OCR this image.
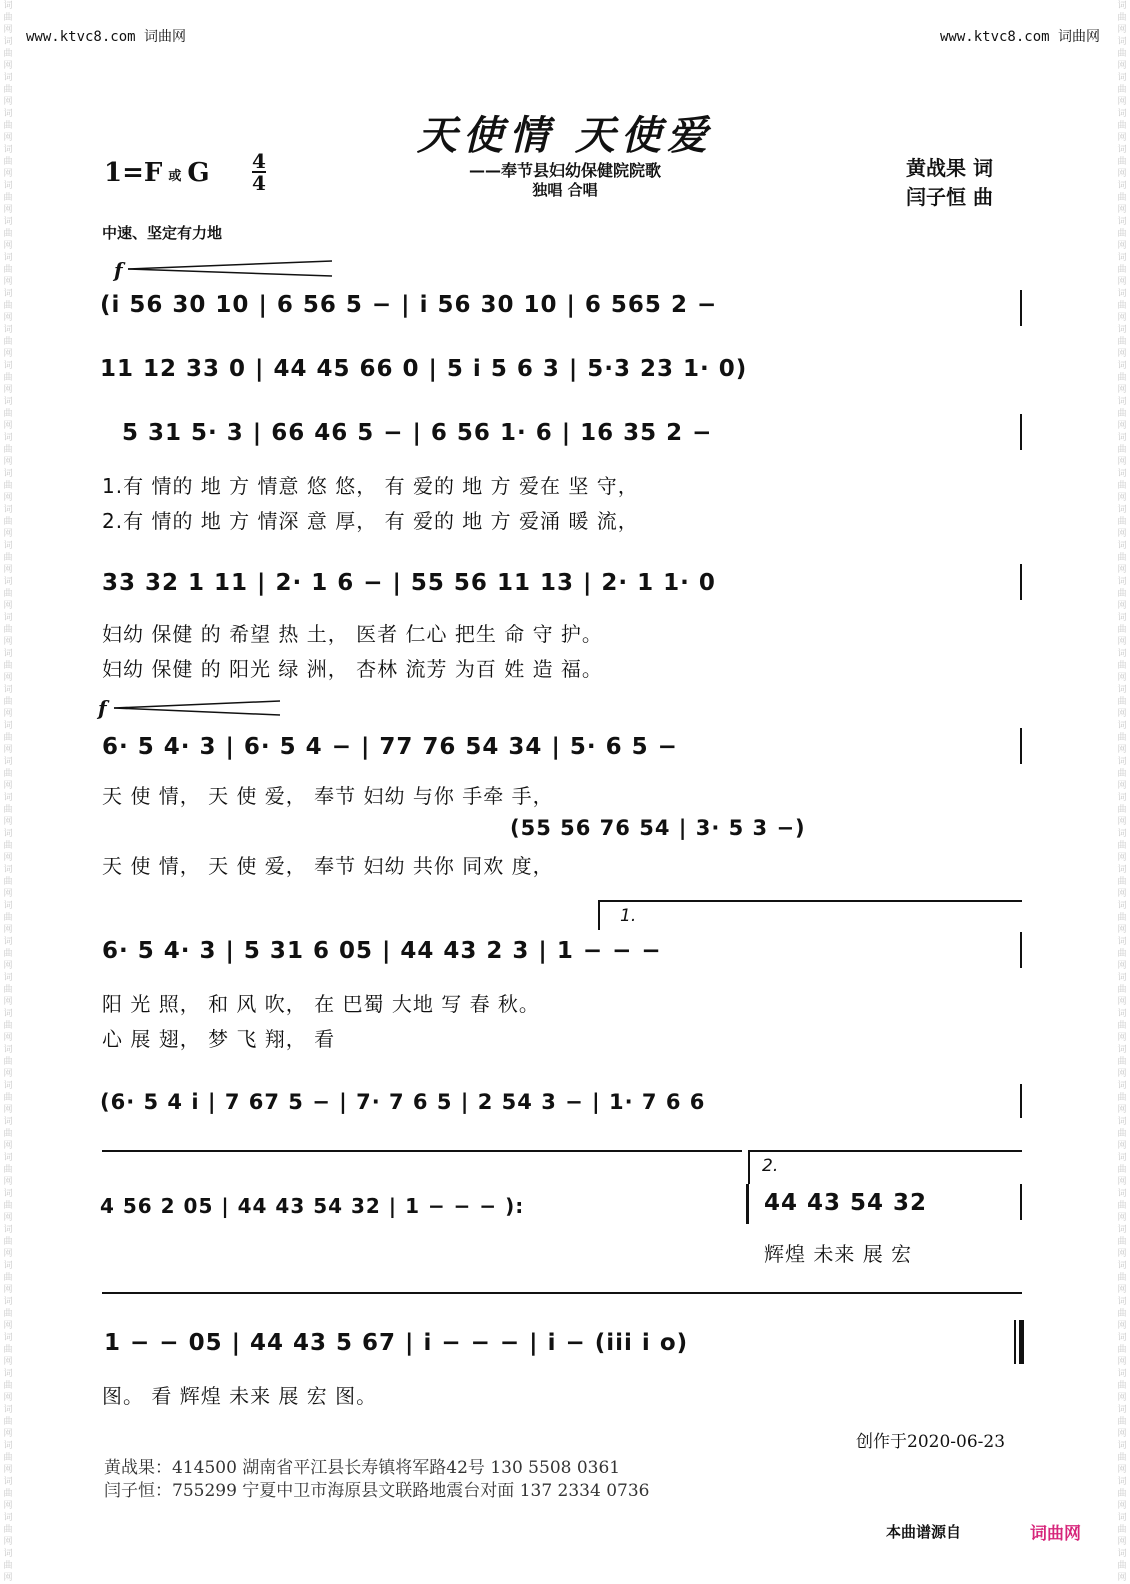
词曲网
词曲网
词曲网
词曲网
词曲网
词曲网
词曲网
词曲网
词曲网
词曲网
词曲网
词曲网
词曲网
词曲网
词曲网
词曲网
词曲网
词曲网
词曲网
词曲网
词曲网
词曲网
词曲网
词曲网
词曲网
词曲网
词曲网
词曲网
词曲网
词曲网
词曲网
词曲网
词曲网
词曲网
词曲网
词曲网
词曲网
词曲网
词曲网
词曲网
词曲网
词曲网
词曲网
词曲网
词曲网
词曲网
词曲网
词曲网
词曲网
词曲网
词曲网
词曲网
词曲网
词曲网
词曲网
词曲网
词曲网
词曲网
词曲网
词曲网
词曲网
词曲网
词曲网
词曲网
词曲网
词曲网
词曲网
词曲网
词曲网
词曲网
词曲网
词曲网
词曲网
词曲网
词曲网
词曲网
词曲网
词曲网
词曲网
词曲网
词曲网
词曲网
词曲网
词曲网
词曲网
词曲网
词曲网
词曲网
www.ktvc8.com 词曲网	www.ktvc8.com 词曲网
天使情 天使爱
——奉节县妇幼保健院院歌
独唱 合唱
1=F 或 G $\frac{4}{4}$	黄战果 词
闫子恒 曲
中速、坚定有力地
f
(i 56 30 10 | 6 56 5 − | i 56 30 10 | 6 565 2 −
11 12 33 0 | 44 45 66 0 | 5 i 5 6 3 | 5·3 23 1· 0)
5 31 5· 3 | 66 46 5 − | 6 56 1· 6 | 16 35 2 −
1.有 情的 地 方 情意 悠 悠， 有 爱的 地 方 爱在 坚 守，
2.有 情的 地 方 情深 意 厚， 有 爱的 地 方 爱涌 暖 流，
33 32 1 11 | 2· 1 6 − | 55 56 11 13 | 2· 1 1· 0
妇幼 保健 的 希望 热 土， 医者 仁心 把生 命 守 护。
妇幼 保健 的 阳光 绿 洲， 杏林 流芳 为百 姓 造 福。
f
6· 5 4· 3 | 6· 5 4 − | 77 76 54 34 | 5· 6 5 −
天 使 情， 天 使 爱， 奉节 妇幼 与你 手牵 手，
(55 56 76 54 | 3· 5 3 −)
天 使 情， 天 使 爱， 奉节 妇幼 共你 同欢 度，
1.
6· 5 4· 3 | 5 31 6 05 | 44 43 2 3 | 1 − − −
阳 光 照， 和 风 吹， 在 巴蜀 大地 写 春 秋。
心 展 翅， 梦 飞 翔， 看
(6· 5 4 i | 7 67 5 − | 7· 7 6 5 | 2 54 3 − | 1· 7 6 6
2.
4 56 2 05 | 44 43 54 32 | 1 − − − ):	44 43 54 32
辉煌 未来 展 宏
1 − − 05 | 44 43 5 67 | i − − − | i − (iii i o)
图。 看 辉煌 未来 展 宏 图。
创作于2020-06-23
黄战果：414500 湖南省平江县长寿镇将军路42号 130 5508 0361
闫子恒：755299 宁夏中卫市海原县文联路地震台对面 137 2334 0736
本曲谱源自	词曲网
